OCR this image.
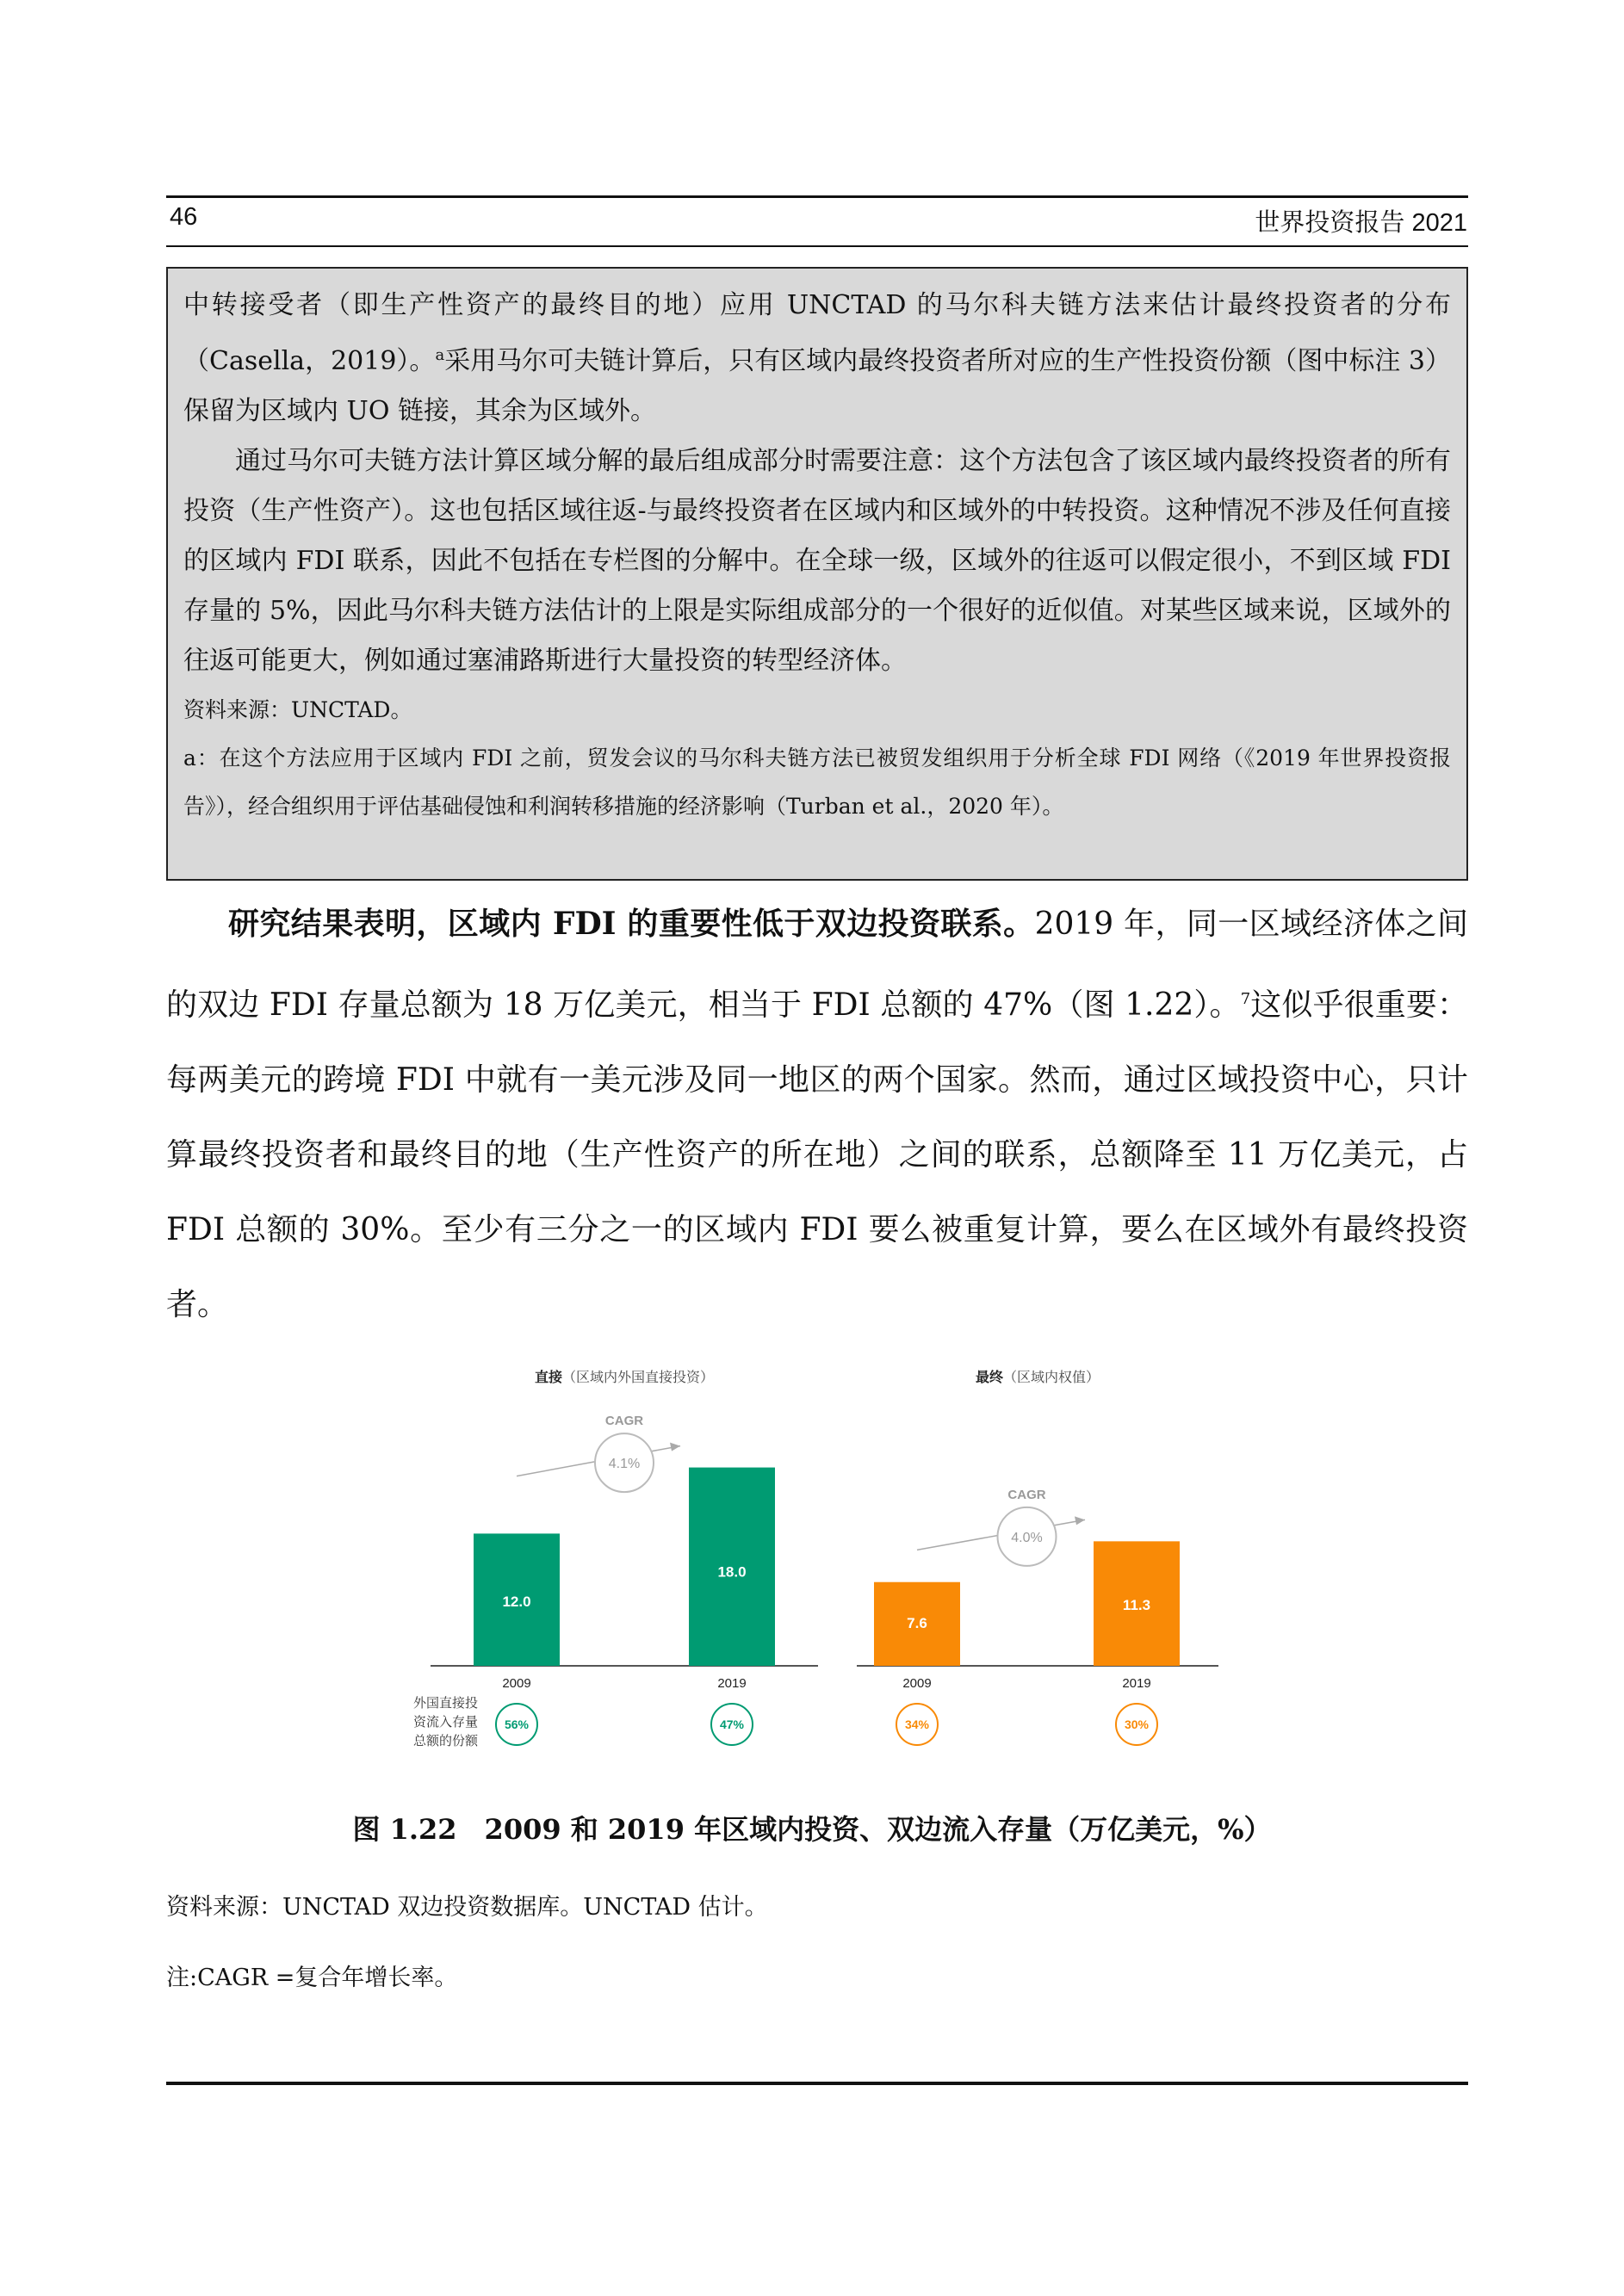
46	世界投资报告 2021

中转接受者（即生产性资产的最终目的地）应用 UNCTAD 的马尔科夫链方法来估计最终投资者的分布（Casella，2019）。$^a$采用马尔可夫链计算后，只有区域内最终投资者所对应的生产性投资份额（图中标注 3）保留为区域内 UO 链接，其余为区域外。

通过马尔可夫链方法计算区域分解的最后组成部分时需要注意：这个方法包含了该区域内最终投资者的所有投资（生产性资产）。这也包括区域往返-与最终投资者在区域内和区域外的中转投资。这种情况不涉及任何直接的区域内 FDI 联系，因此不包括在专栏图的分解中。在全球一级，区域外的往返可以假定很小，不到区域 FDI 存量的 5%，因此马尔科夫链方法估计的上限是实际组成部分的一个很好的近似值。对某些区域来说，区域外的往返可能更大，例如通过塞浦路斯进行大量投资的转型经济体。

资料来源：UNCTAD。

a：在这个方法应用于区域内 FDI 之前，贸发会议的马尔科夫链方法已被贸发组织用于分析全球 FDI 网络（《2019 年世界投资报告》），经合组织用于评估基础侵蚀和利润转移措施的经济影响（Turban et al.，2020 年）。

研究结果表明，区域内 FDI 的重要性低于双边投资联系。2019 年，同一区域经济体之间的双边 FDI 存量总额为 18 万亿美元，相当于 FDI 总额的 47%（图 1.22）。$^7$这似乎很重要：每两美元的跨境 FDI 中就有一美元涉及同一地区的两个国家。然而，通过区域投资中心，只计算最终投资者和最终目的地（生产性资产的所在地）之间的联系，总额降至 11 万亿美元，占 FDI 总额的 30%。至少有三分之一的区域内 FDI 要么被重复计算，要么在区域外有最终投资者。

直接（区域内外国直接投资）
12.0
2009
56%
18.0
2019
47%
4.1%
CAGR
最终（区域内权值）
7.6
2009
34%
11.3
2019
30%
4.0%
CAGR
外国直接投
资流入存量
总额的份额
图 1.22　2009 和 2019 年区域内投资、双边流入存量（万亿美元，%）
资料来源：UNCTAD 双边投资数据库。UNCTAD 估计。
注:CAGR =复合年增长率。
